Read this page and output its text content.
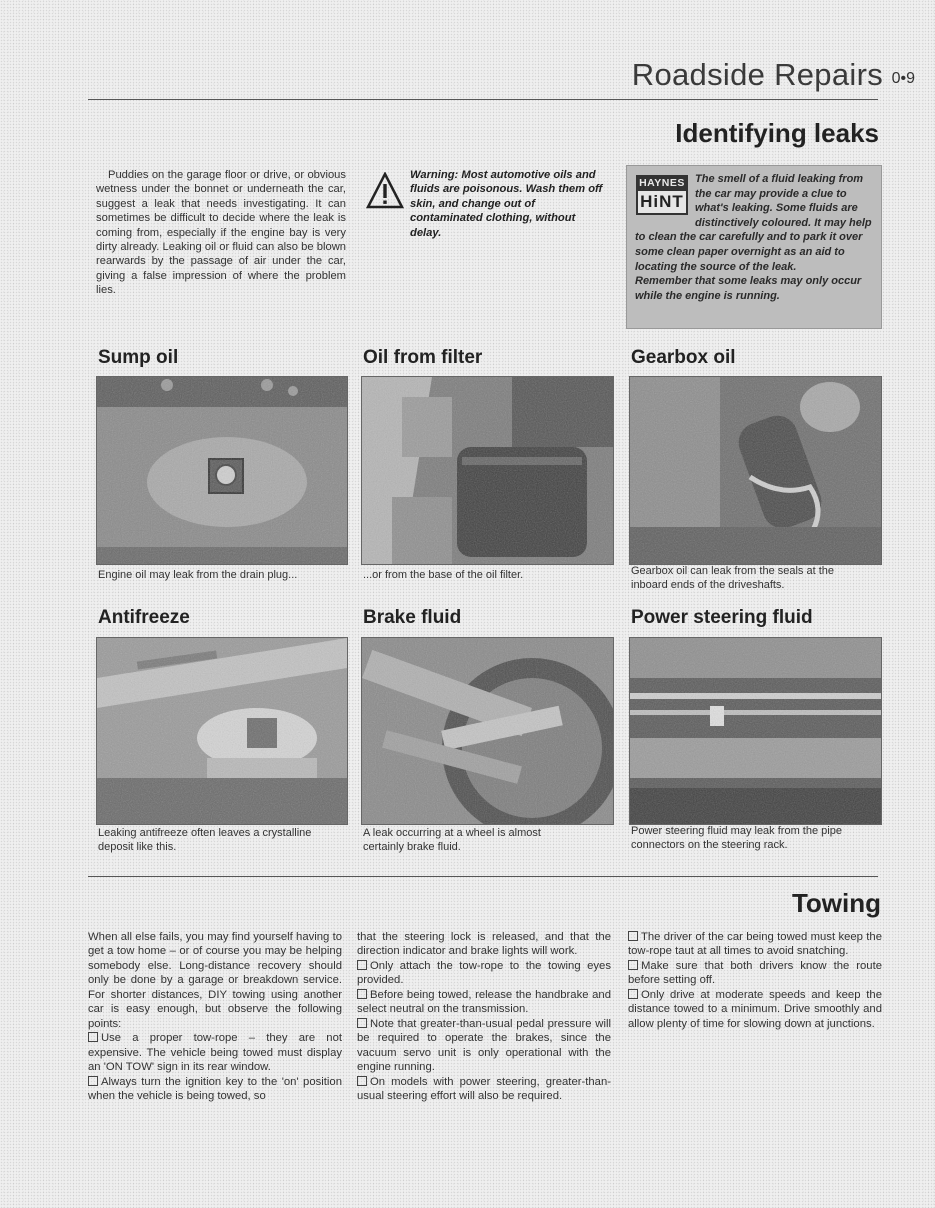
Roadside Repairs 0•9
Identifying leaks
Puddies on the garage floor or drive, or obvious wetness under the bonnet or underneath the car, suggest a leak that needs investigating. It can sometimes be difficult to decide where the leak is coming from, especially if the engine bay is very dirty already. Leaking oil or fluid can also be blown rearwards by the passage of air under the car, giving a false impression of where the problem lies.
Warning: Most automotive oils and fluids are poisonous. Wash them off skin, and change out of contaminated clothing, without delay.
The smell of a fluid leaking from the car may provide a clue to what's leaking. Some fluids are distinctively coloured. It may help to clean the car carefully and to park it over some clean paper overnight as an aid to locating the source of the leak.
Remember that some leaks may only occur while the engine is running.
HAYNES
HiNT
Sump oil
Engine oil may leak from the drain plug...
Oil from filter
...or from the base of the oil filter.
Gearbox oil
Gearbox oil can leak from the seals at the inboard ends of the driveshafts.
Antifreeze
Leaking antifreeze often leaves a crystalline deposit like this.
Brake fluid
A leak occurring at a wheel is almost certainly brake fluid.
Power steering fluid
Power steering fluid may leak from the pipe connectors on the steering rack.
Towing

When all else fails, you may find yourself having to get a tow home – or of course you may be helping somebody else. Long-distance recovery should only be done by a garage or breakdown service. For shorter distances, DIY towing using another car is easy enough, but observe the following points:

Use a proper tow-rope – they are not expensive. The vehicle being towed must display an 'ON TOW' sign in its rear window.

Always turn the ignition key to the 'on' position when the vehicle is being towed, so

that the steering lock is released, and that the direction indicator and brake lights will work.

Only attach the tow-rope to the towing eyes provided.

Before being towed, release the handbrake and select neutral on the transmission.

Note that greater-than-usual pedal pressure will be required to operate the brakes, since the vacuum servo unit is only operational with the engine running.

On models with power steering, greater-than-usual steering effort will also be required.

The driver of the car being towed must keep the tow-rope taut at all times to avoid snatching.

Make sure that both drivers know the route before setting off.

Only drive at moderate speeds and keep the distance towed to a minimum. Drive smoothly and allow plenty of time for slowing down at junctions.
